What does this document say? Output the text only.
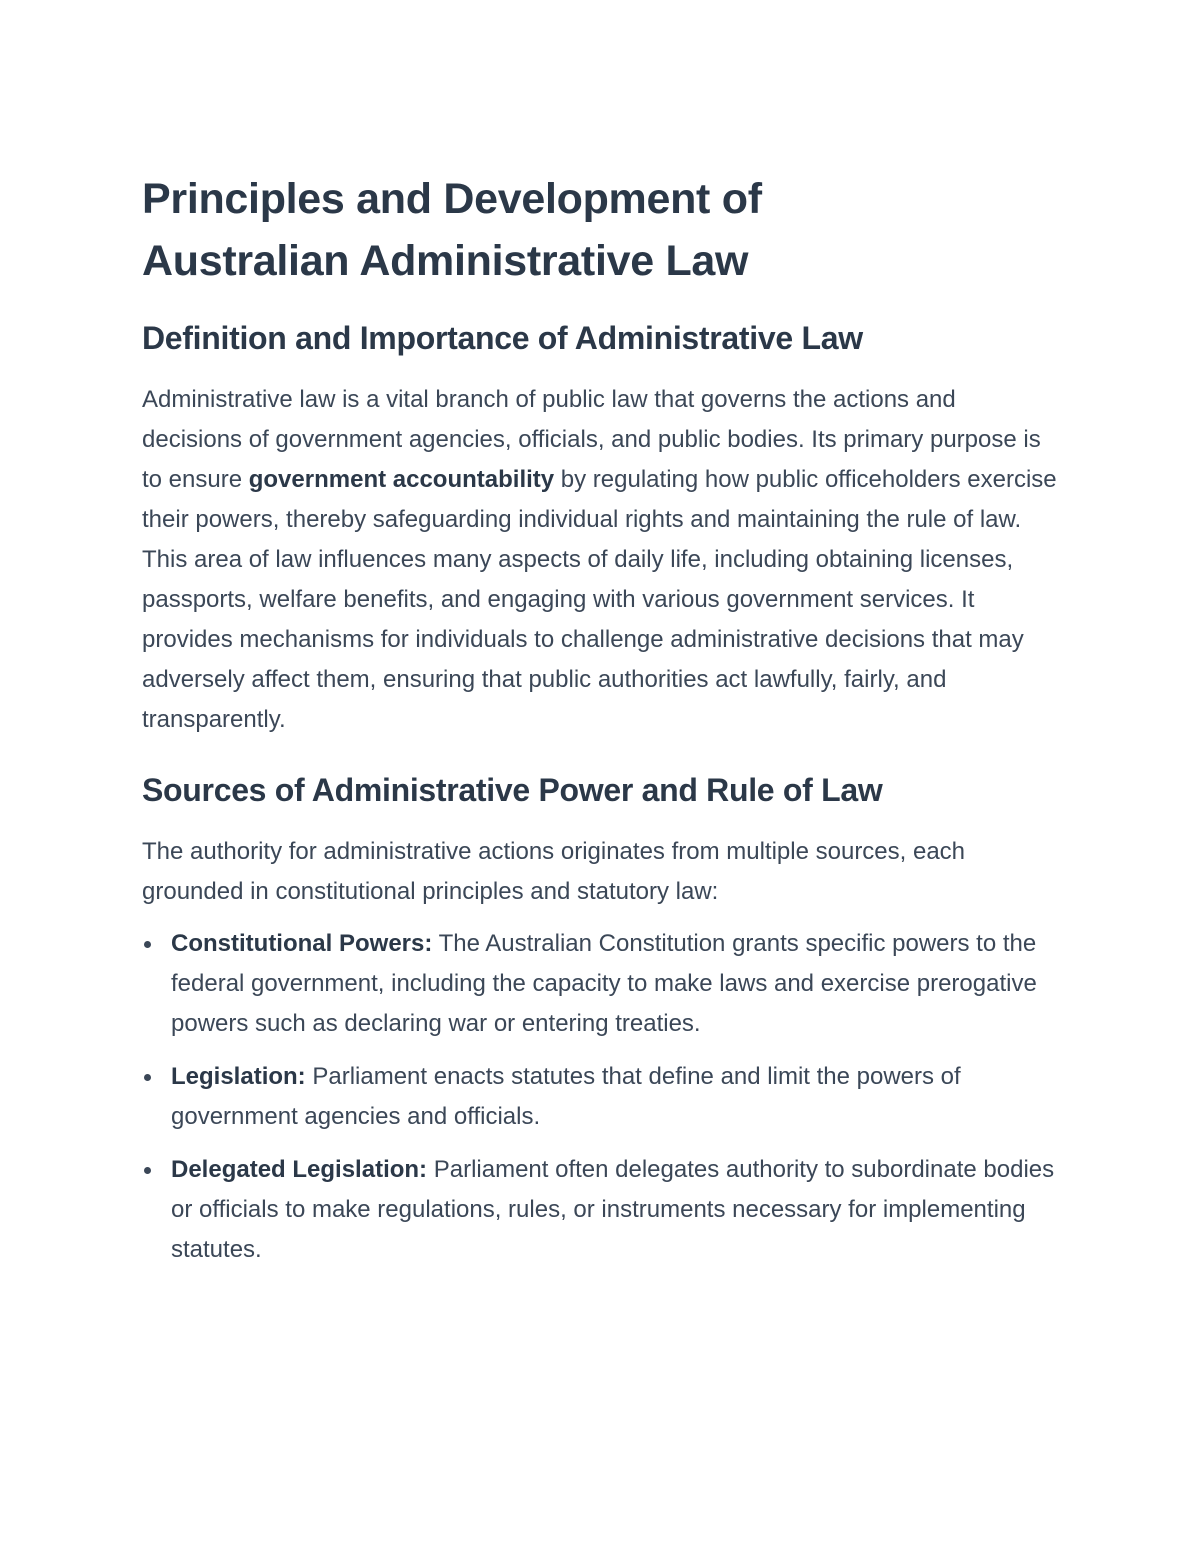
Principles and Development of
Australian Administrative Law
Definition and Importance of Administrative Law

Administrative law is a vital branch of public law that governs the actions and decisions of government agencies, officials, and public bodies. Its primary purpose is to ensure government accountability by regulating how public officeholders exercise their powers, thereby safeguarding individual rights and maintaining the rule of law. This area of law influences many aspects of daily life, including obtaining licenses, passports, welfare benefits, and engaging with various government services. It provides mechanisms for individuals to challenge administrative decisions that may adversely affect them, ensuring that public authorities act lawfully, fairly, and transparently.

Sources of Administrative Power and Rule of Law

The authority for administrative actions originates from multiple sources, each grounded in constitutional principles and statutory law:

Constitutional Powers: The Australian Constitution grants specific powers to the federal government, including the capacity to make laws and exercise prerogative powers such as declaring war or entering treaties.
Legislation: Parliament enacts statutes that define and limit the powers of government agencies and officials.
Delegated Legislation: Parliament often delegates authority to subordinate bodies or officials to make regulations, rules, or instruments necessary for implementing statutes.
